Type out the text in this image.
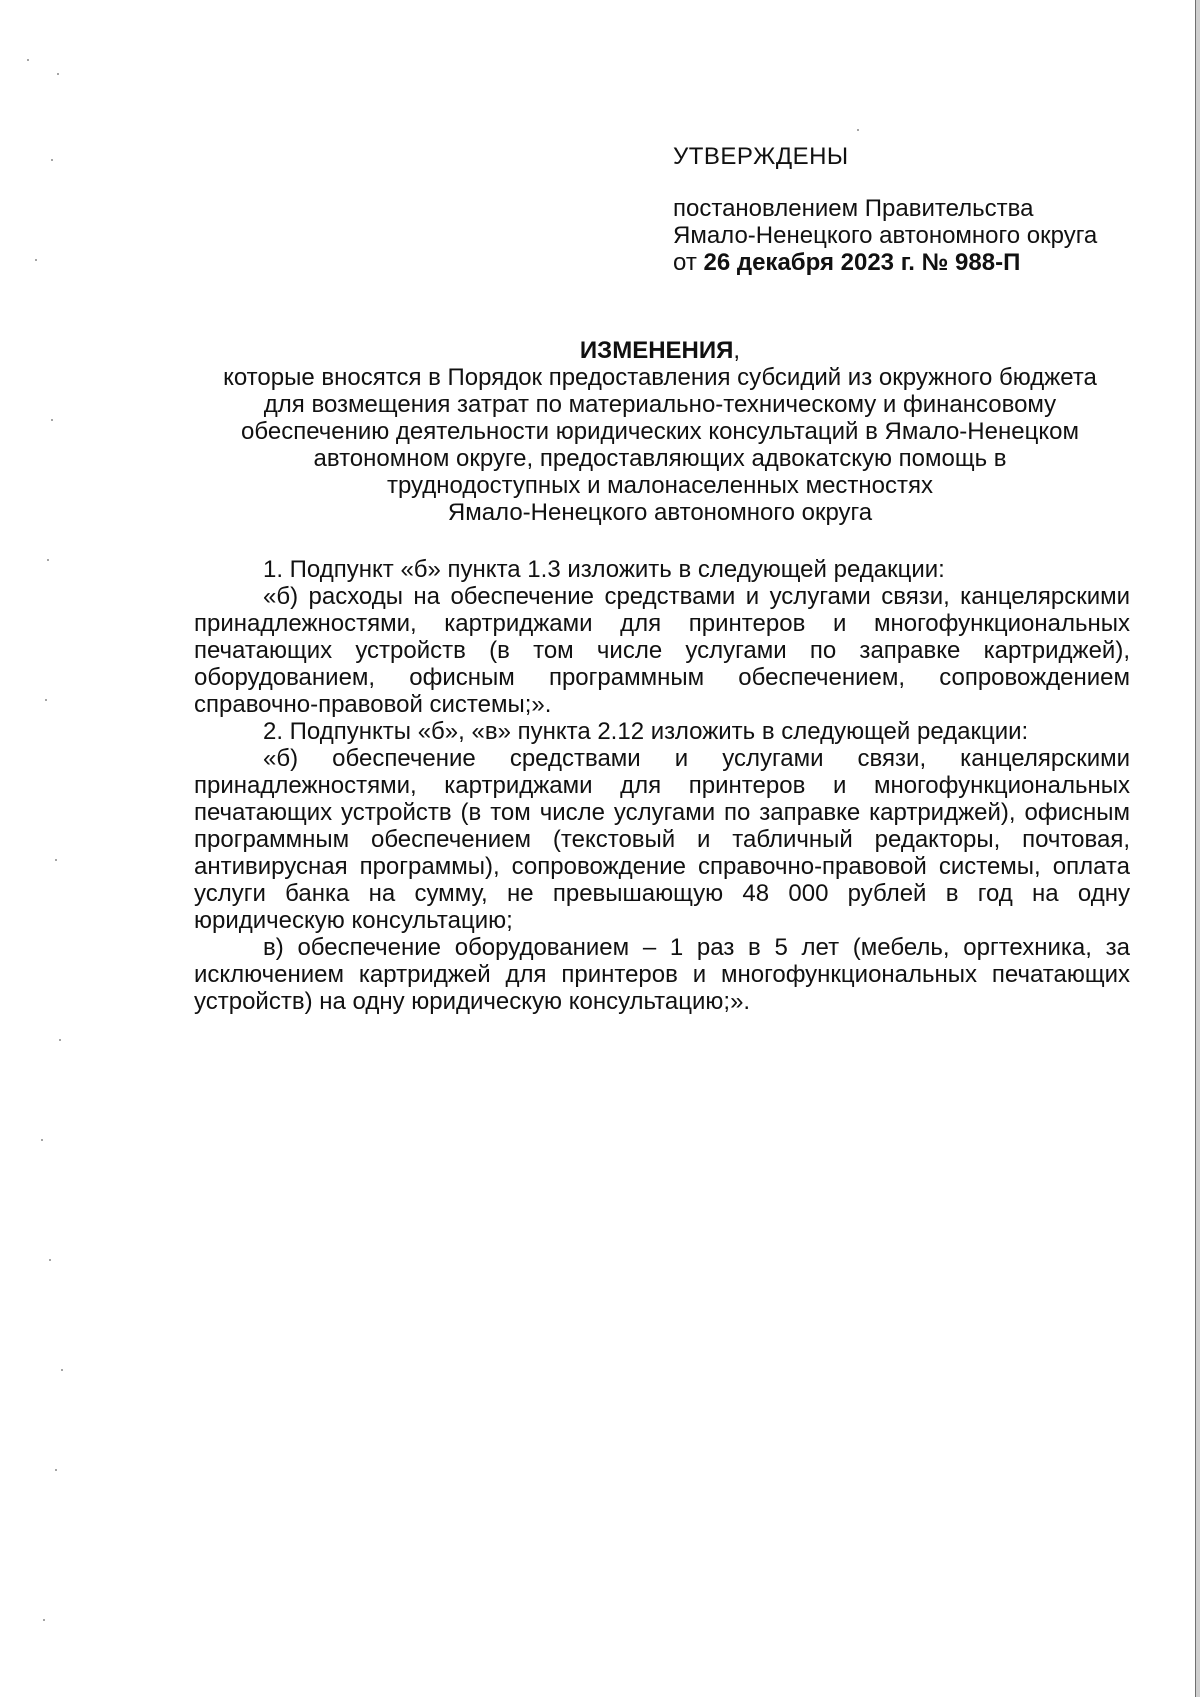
УТВЕРЖДЕНЫ
постановлением Правительства
Ямало-Ненецкого автономного округа
от 26 декабря 2023 г. № 988-П
ИЗМЕНЕНИЯ,
которые вносятся в Порядок предоставления субсидий из окружного бюджета
для возмещения затрат по материально-техническому и финансовому
обеспечению деятельности юридических консультаций в Ямало-Ненецком
автономном округе, предоставляющих адвокатскую помощь в
труднодоступных и малонаселенных местностях
Ямало-Ненецкого автономного округа

1. Подпункт «б» пункта 1.3 изложить в следующей редакции:

«б) расходы на обеспечение средствами и услугами связи, канцелярскими принадлежностями, картриджами для принтеров и многофункциональных печатающих устройств (в том числе услугами по заправке картриджей), оборудованием, офисным программным обеспечением, сопровождением справочно-правовой системы;».

2. Подпункты «б», «в» пункта 2.12 изложить в следующей редакции:

«б) обеспечение средствами и услугами связи, канцелярскими принадлежностями, картриджами для принтеров и многофункциональных печатающих устройств (в том числе услугами по заправке картриджей), офисным программным обеспечением (текстовый и табличный редакторы, почтовая, антивирусная программы), сопровождение справочно-правовой системы, оплата услуги банка на сумму, не превышающую 48 000 рублей в год на одну юридическую консультацию;

в) обеспечение оборудованием – 1 раз в 5 лет (мебель, оргтехника, за исключением картриджей для принтеров и многофункциональных печатающих устройств) на одну юридическую консультацию;».
